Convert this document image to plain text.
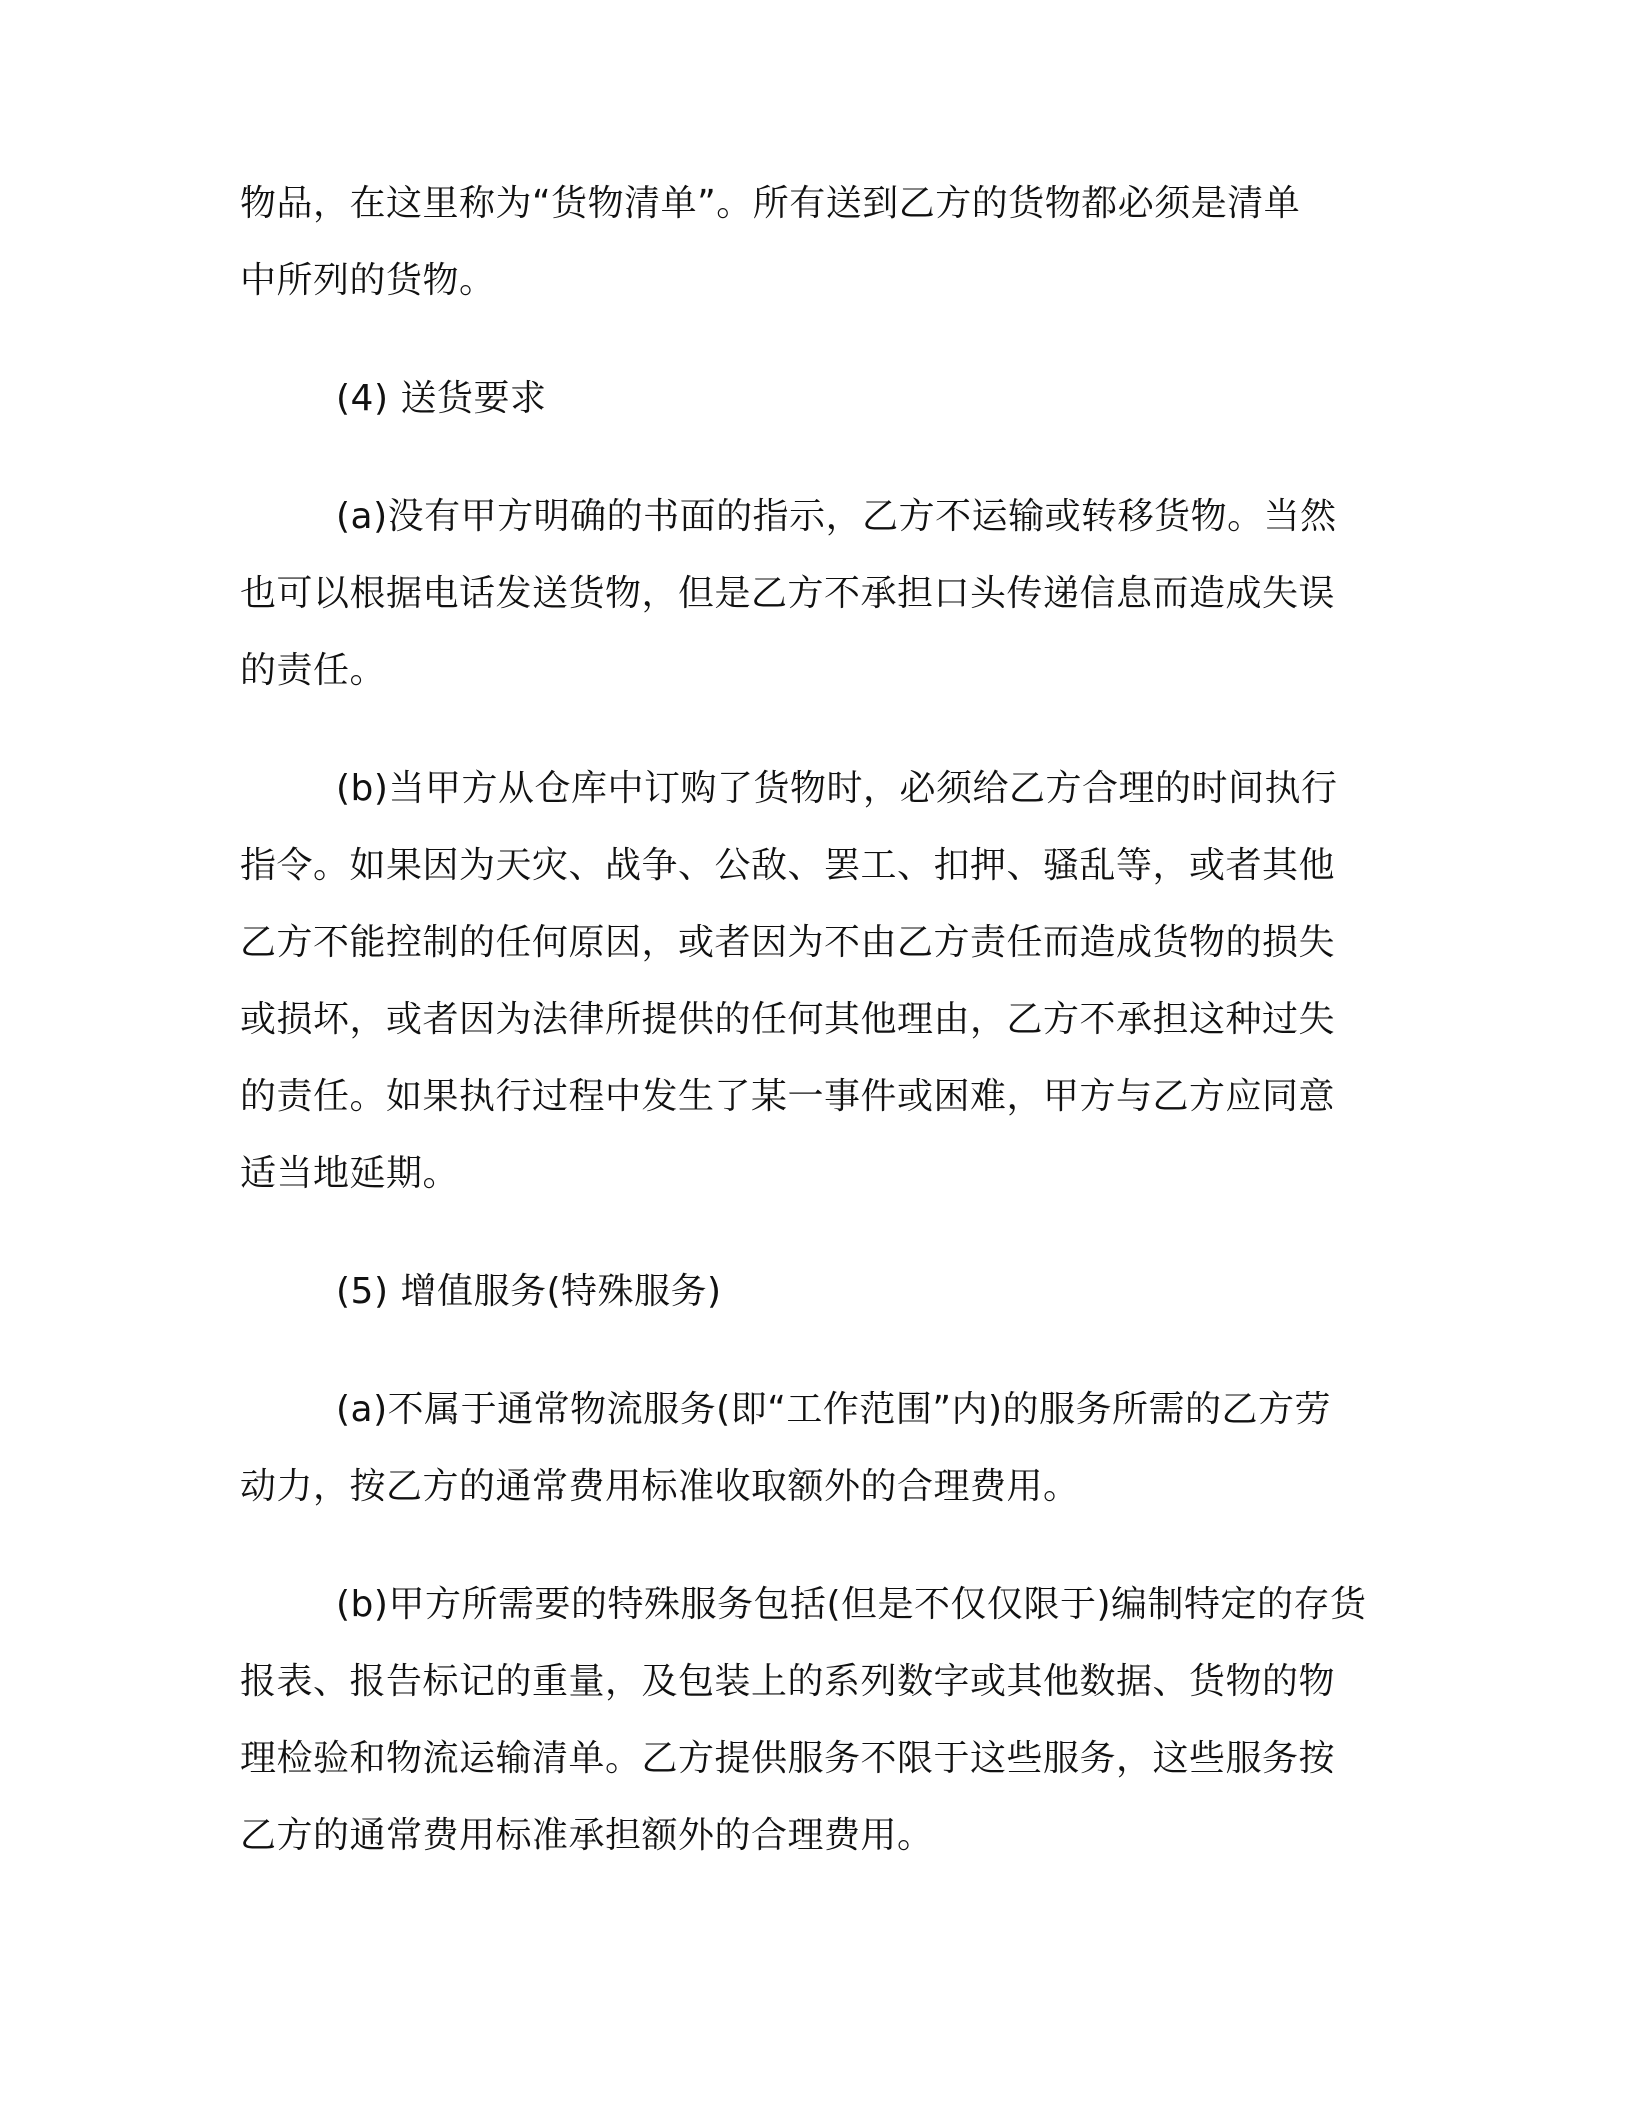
物品，在这里称为“货物清单”。所有送到乙方的货物都必须是清单
中所列的货物。
(4) 送货要求
(a)没有甲方明确的书面的指示，乙方不运输或转移货物。当然
也可以根据电话发送货物，但是乙方不承担口头传递信息而造成失误
的责任。
(b)当甲方从仓库中订购了货物时，必须给乙方合理的时间执行
指令。如果因为天灾、战争、公敌、罢工、扣押、骚乱等，或者其他
乙方不能控制的任何原因，或者因为不由乙方责任而造成货物的损失
或损坏，或者因为法律所提供的任何其他理由，乙方不承担这种过失
的责任。如果执行过程中发生了某一事件或困难，甲方与乙方应同意
适当地延期。
(5) 增值服务(特殊服务)
(a)不属于通常物流服务(即“工作范围”内)的服务所需的乙方劳
动力，按乙方的通常费用标准收取额外的合理费用。
(b)甲方所需要的特殊服务包括(但是不仅仅限于)编制特定的存货
报表、报告标记的重量，及包装上的系列数字或其他数据、货物的物
理检验和物流运输清单。乙方提供服务不限于这些服务，这些服务按
乙方的通常费用标准承担额外的合理费用。
